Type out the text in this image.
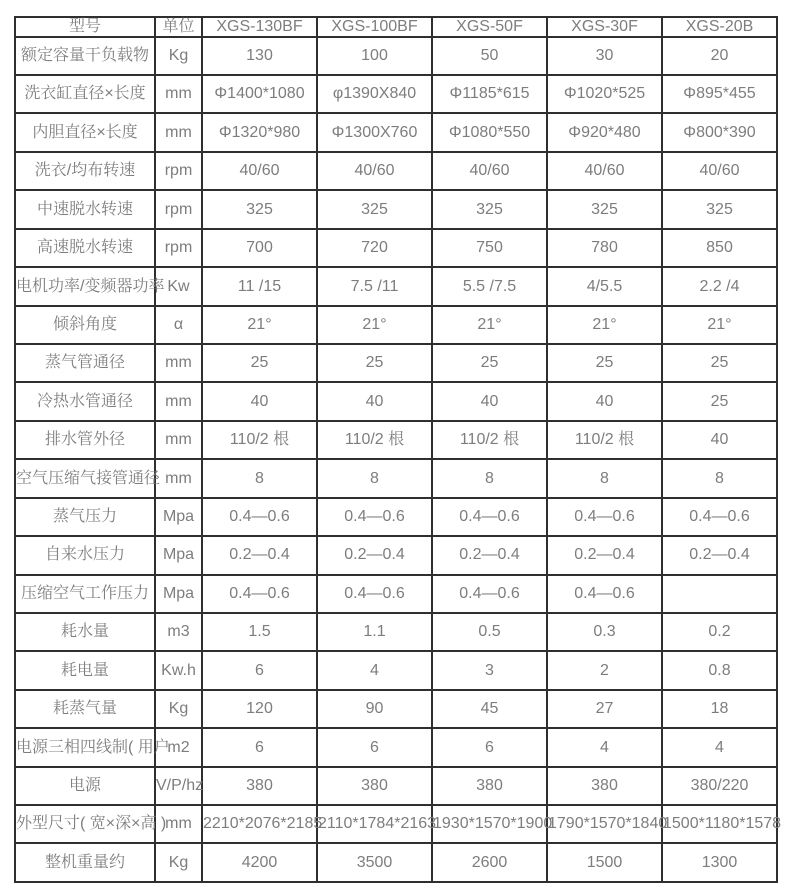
型号	单位	XGS-130BF	XGS-100BF	XGS-50F	XGS-30F	XGS-20B
额定容量干负载物	Kg	130	100	50	30	20
洗衣缸直径×长度	mm	Φ1400*1080	φ1390X840	Φ1185*615	Φ1020*525	Φ895*455
内胆直径×长度	mm	Φ1320*980	Φ1300X760	Φ1080*550	Φ920*480	Φ800*390
洗衣/均布转速	rpm	40/60	40/60	40/60	40/60	40/60
中速脱水转速	rpm	325	325	325	325	325
高速脱水转速	rpm	700	720	750	780	850
电机功率/变频器功率	Kw	11 /15	7.5 /11	5.5 /7.5	4/5.5	2.2 /4
倾斜角度	α	21°	21°	21°	21°	21°
蒸气管通径	mm	25	25	25	25	25
冷热水管通径	mm	40	40	40	40	25
排水管外径	mm	110/2 根	110/2 根	110/2 根	110/2 根	40
空气压缩气接管通径	mm	8	8	8	8	8
蒸气压力	Mpa	0.4—0.6	0.4—0.6	0.4—0.6	0.4—0.6	0.4—0.6
自来水压力	Mpa	0.2—0.4	0.2—0.4	0.2—0.4	0.2—0.4	0.2—0.4
压缩空气工作压力	Mpa	0.4—0.6	0.4—0.6	0.4—0.6	0.4—0.6	
耗水量	m3	1.5	1.1	0.5	0.3	0.2
耗电量	Kw.h	6	4	3	2	0.8
耗蒸气量	Kg	120	90	45	27	18
电源三相四线制( 用户	m2	6	6	6	4	4
电源	V/P/hz	380	380	380	380	380/220
外型尺寸( 宽×深×高 )	mm	2210*2076*2185	2110*1784*2163	1930*1570*1900	1790*1570*1840	1500*1180*1578
整机重量约	Kg	4200	3500	2600	1500	1300
